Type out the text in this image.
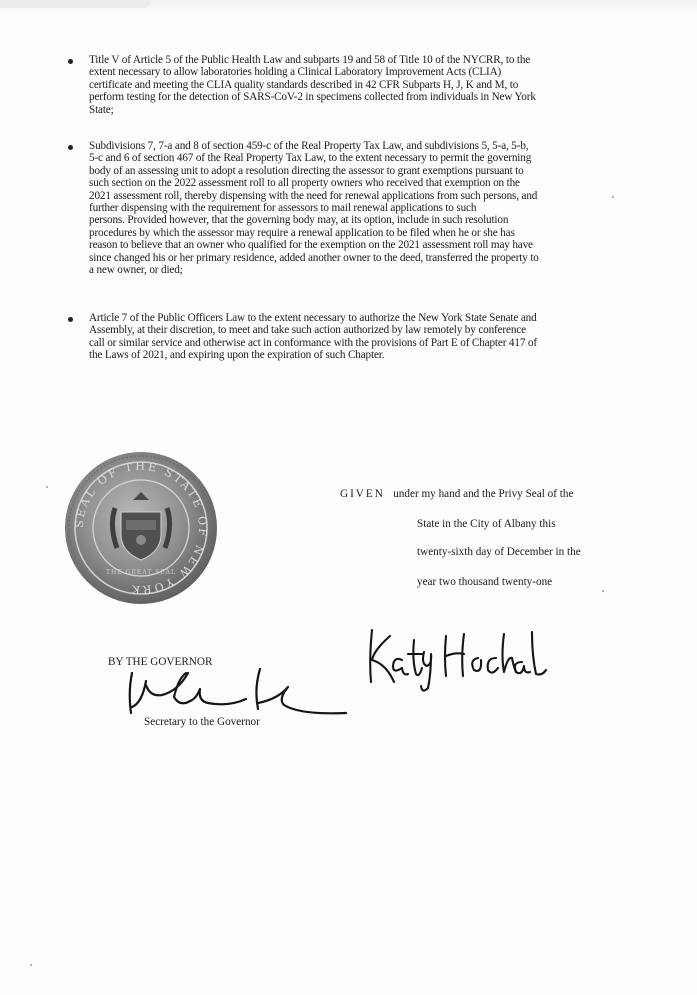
Title V of Article 5 of the Public Health Law and subparts 19 and 58 of Title 10 of the NYCRR, to the
extent necessary to allow laboratories holding a Clinical Laboratory Improvement Acts (CLIA)
certificate and meeting the CLIA quality standards described in 42 CFR Subparts H, J, K and M, to
perform testing for the detection of SARS-CoV-2 in specimens collected from individuals in New York
State;
Subdivisions 7, 7-a and 8 of section 459-c of the Real Property Tax Law, and subdivisions 5, 5-a, 5-b,
5-c and 6 of section 467 of the Real Property Tax Law, to the extent necessary to permit the governing
body of an assessing unit to adopt a resolution directing the assessor to grant exemptions pursuant to
such section on the 2022 assessment roll to all property owners who received that exemption on the
2021 assessment roll, thereby dispensing with the need for renewal applications from such persons, and
further dispensing with the requirement for assessors to mail renewal applications to such
persons. Provided however, that the governing body may, at its option, include in such resolution
procedures by which the assessor may require a renewal application to be filed when he or she has
reason to believe that an owner who qualified for the exemption on the 2021 assessment roll may have
since changed his or her primary residence, added another owner to the deed, transferred the property to
a new owner, or died;
Article 7 of the Public Officers Law to the extent necessary to authorize the New York State Senate and
Assembly, at their discretion, to meet and take such action authorized by law remotely by conference
call or similar service and otherwise act in conformance with the provisions of Part E of Chapter 417 of
the Laws of 2021, and expiring upon the expiration of such Chapter.
SEAL OF THE STATE OF NEW YORK
THE GREAT SEAL
GIVEN under my hand and the Privy Seal of the
State in the City of Albany this
twenty-sixth day of December in the
year two thousand twenty-one
BY THE GOVERNOR
Secretary to the Governor
